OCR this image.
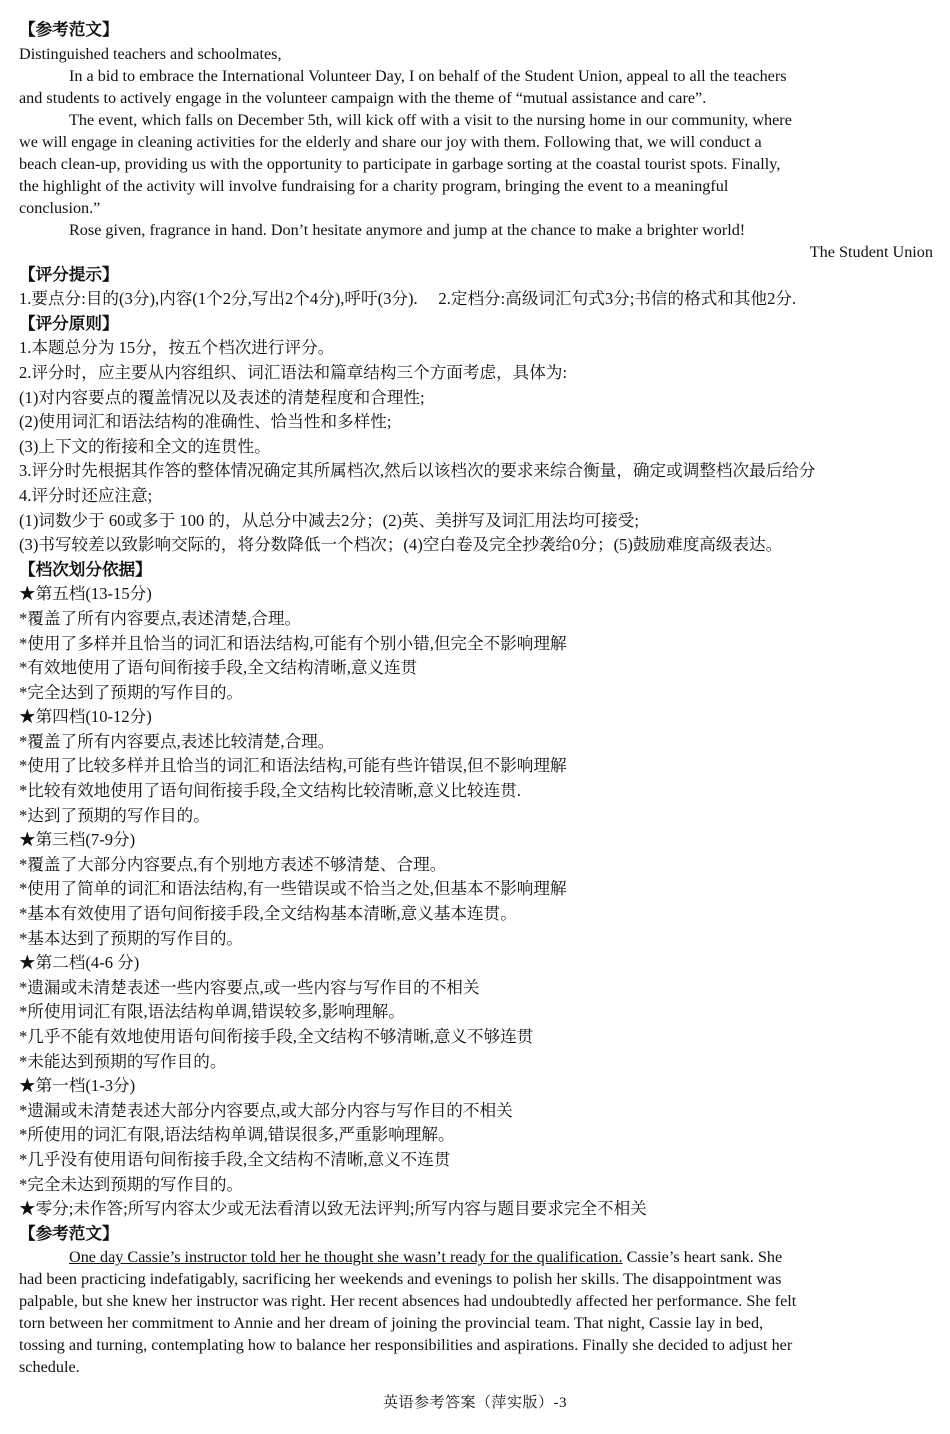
【参考范文】
Distinguished teachers and schoolmates,
In a bid to embrace the International Volunteer Day, I on behalf of the Student Union, appeal to all the teachers
and students to actively engage in the volunteer campaign with the theme of “mutual assistance and care”.
The event, which falls on December 5th, will kick off with a visit to the nursing home in our community, where
we will engage in cleaning activities for the elderly and share our joy with them. Following that, we will conduct a
beach clean-up, providing us with the opportunity to participate in garbage sorting at the coastal tourist spots. Finally,
the highlight of the activity will involve fundraising for a charity program, bringing the event to a meaningful
conclusion.”
Rose given, fragrance in hand. Don’t hesitate anymore and jump at the chance to make a brighter world!
The Student Union
【评分提示】
1.要点分:目的(3分),内容(1个2分,写出2个4分),呼吁(3分).     2.定档分:高级词汇句式3分;书信的格式和其他2分.
【评分原则】
1.本题总分为 15分，按五个档次进行评分。
2.评分时，应主要从内容组织、词汇语法和篇章结构三个方面考虑，具体为:
(1)对内容要点的覆盖情况以及表述的清楚程度和合理性;
(2)使用词汇和语法结构的准确性、恰当性和多样性;
(3)上下文的衔接和全文的连贯性。
3.评分时先根据其作答的整体情况确定其所属档次,然后以该档次的要求来综合衡量，确定或调整档次最后给分
4.评分时还应注意;
(1)词数少于 60或多于 100 的，从总分中减去2分；(2)英、美拼写及词汇用法均可接受;
(3)书写较差以致影响交际的，将分数降低一个档次；(4)空白卷及完全抄袭给0分；(5)鼓励难度高级表达。
【档次划分依据】
★第五档(13-15分)
*覆盖了所有内容要点,表述清楚,合理。
*使用了多样并且恰当的词汇和语法结构,可能有个别小错,但完全不影响理解
*有效地使用了语句间衔接手段,全文结构清晰,意义连贯
*完全达到了预期的写作目的。
★第四档(10-12分)
*覆盖了所有内容要点,表述比较清楚,合理。
*使用了比较多样并且恰当的词汇和语法结构,可能有些许错误,但不影响理解
*比较有效地使用了语句间衔接手段,全文结构比较清晰,意义比较连贯.
*达到了预期的写作目的。
★第三档(7-9分)
*覆盖了大部分内容要点,有个别地方表述不够清楚、合理。
*使用了简单的词汇和语法结构,有一些错误或不恰当之处,但基本不影响理解
*基本有效使用了语句间衔接手段,全文结构基本清晰,意义基本连贯。
*基本达到了预期的写作目的。
★第二档(4-6 分)
*遗漏或未清楚表述一些内容要点,或一些内容与写作目的不相关
*所使用词汇有限,语法结构单调,错误较多,影响理解。
*几乎不能有效地使用语句间衔接手段,全文结构不够清晰,意义不够连贯
*未能达到预期的写作目的。
★第一档(1-3分)
*遗漏或未清楚表述大部分内容要点,或大部分内容与写作目的不相关
*所使用的词汇有限,语法结构单调,错误很多,严重影响理解。
*几乎没有使用语句间衔接手段,全文结构不清晰,意义不连贯
*完全未达到预期的写作目的。
★零分;未作答;所写内容太少或无法看清以致无法评判;所写内容与题目要求完全不相关
【参考范文】
One day Cassie’s instructor told her he thought she wasn’t ready for the qualification. Cassie’s heart sank. She
had been practicing indefatigably, sacrificing her weekends and evenings to polish her skills. The disappointment was
palpable, but she knew her instructor was right. Her recent absences had undoubtedly affected her performance. She felt
torn between her commitment to Annie and her dream of joining the provincial team. That night, Cassie lay in bed,
tossing and turning, contemplating how to balance her responsibilities and aspirations. Finally she decided to adjust her
schedule.
英语参考答案（萍实版）-3
